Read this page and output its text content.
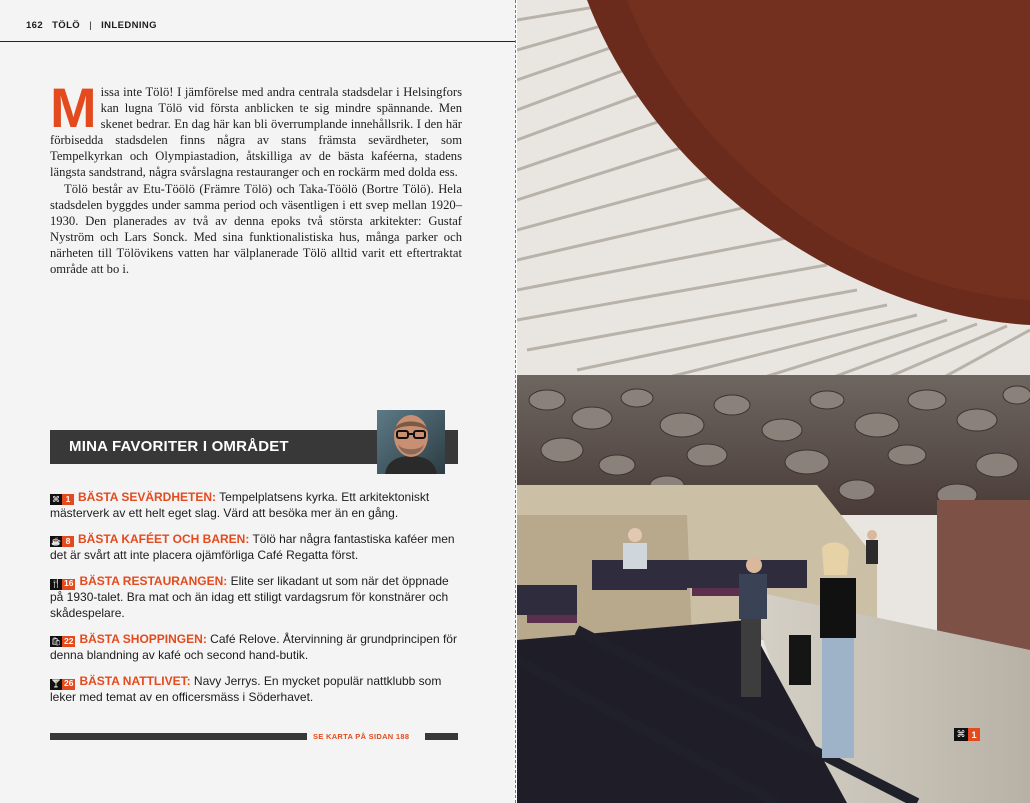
162 TÖLÖ | INLEDNING

Missa inte Tölö! I jämförelse med andra centrala stadsdelar i Helsingfors kan lugna Tölö vid första anblicken te sig mindre spännande. Men skenet bedrar. En dag här kan bli överrumplande innehållsrik. I den här förbisedda stadsdelen finns några av stans främsta sevärdheter, som Tempelkyrkan och Olympiastadion, åtskilliga av de bästa kaféerna, stadens längsta sandstrand, några svårslagna restauranger och en rockärm med dolda ess.

Tölö består av Etu-Töölö (Främre Tölö) och Taka-Töölö (Bortre Tölö). Hela stadsdelen byggdes under samma period och väsentligen i ett svep mellan 1920–1930. Den planerades av två av denna epoks två största arkitekter: Gustaf Nyström och Lars Sonck. Med sina funktionalistiska hus, många parker och närheten till Tölövikens vatten har välplanerade Tölö alltid varit ett eftertraktat område att bo i.

MINA FAVORITER I OMRÅDET

⌘ 1 BÄSTA SEVÄRDHETEN: Tempelplatsens kyrka. Ett arkitektoniskt mästerverk av ett helt eget slag. Värd att besöka mer än en gång.

☕ 8 BÄSTA KAFÉET OCH BAREN: Tölö har några fantastiska kaféer men det är svårt att inte placera ojämförliga Café Regatta först.

🍴 16 BÄSTA RESTAURANGEN: Elite ser likadant ut som när det öppnade på 1930-talet. Bra mat och än idag ett stiligt vardagsrum för konstnärer och skådespelare.

🛍 22 BÄSTA SHOPPINGEN: Café Relove. Återvinning är grundprincipen för denna blandning av kafé och second hand-butik.

🍸 26 BÄSTA NATTLIVET: Navy Jerrys. En mycket populär nattklubb som leker med temat av en officersmäss i Söderhavet.

SE KARTA PÅ SIDAN 188	⌘ 1
